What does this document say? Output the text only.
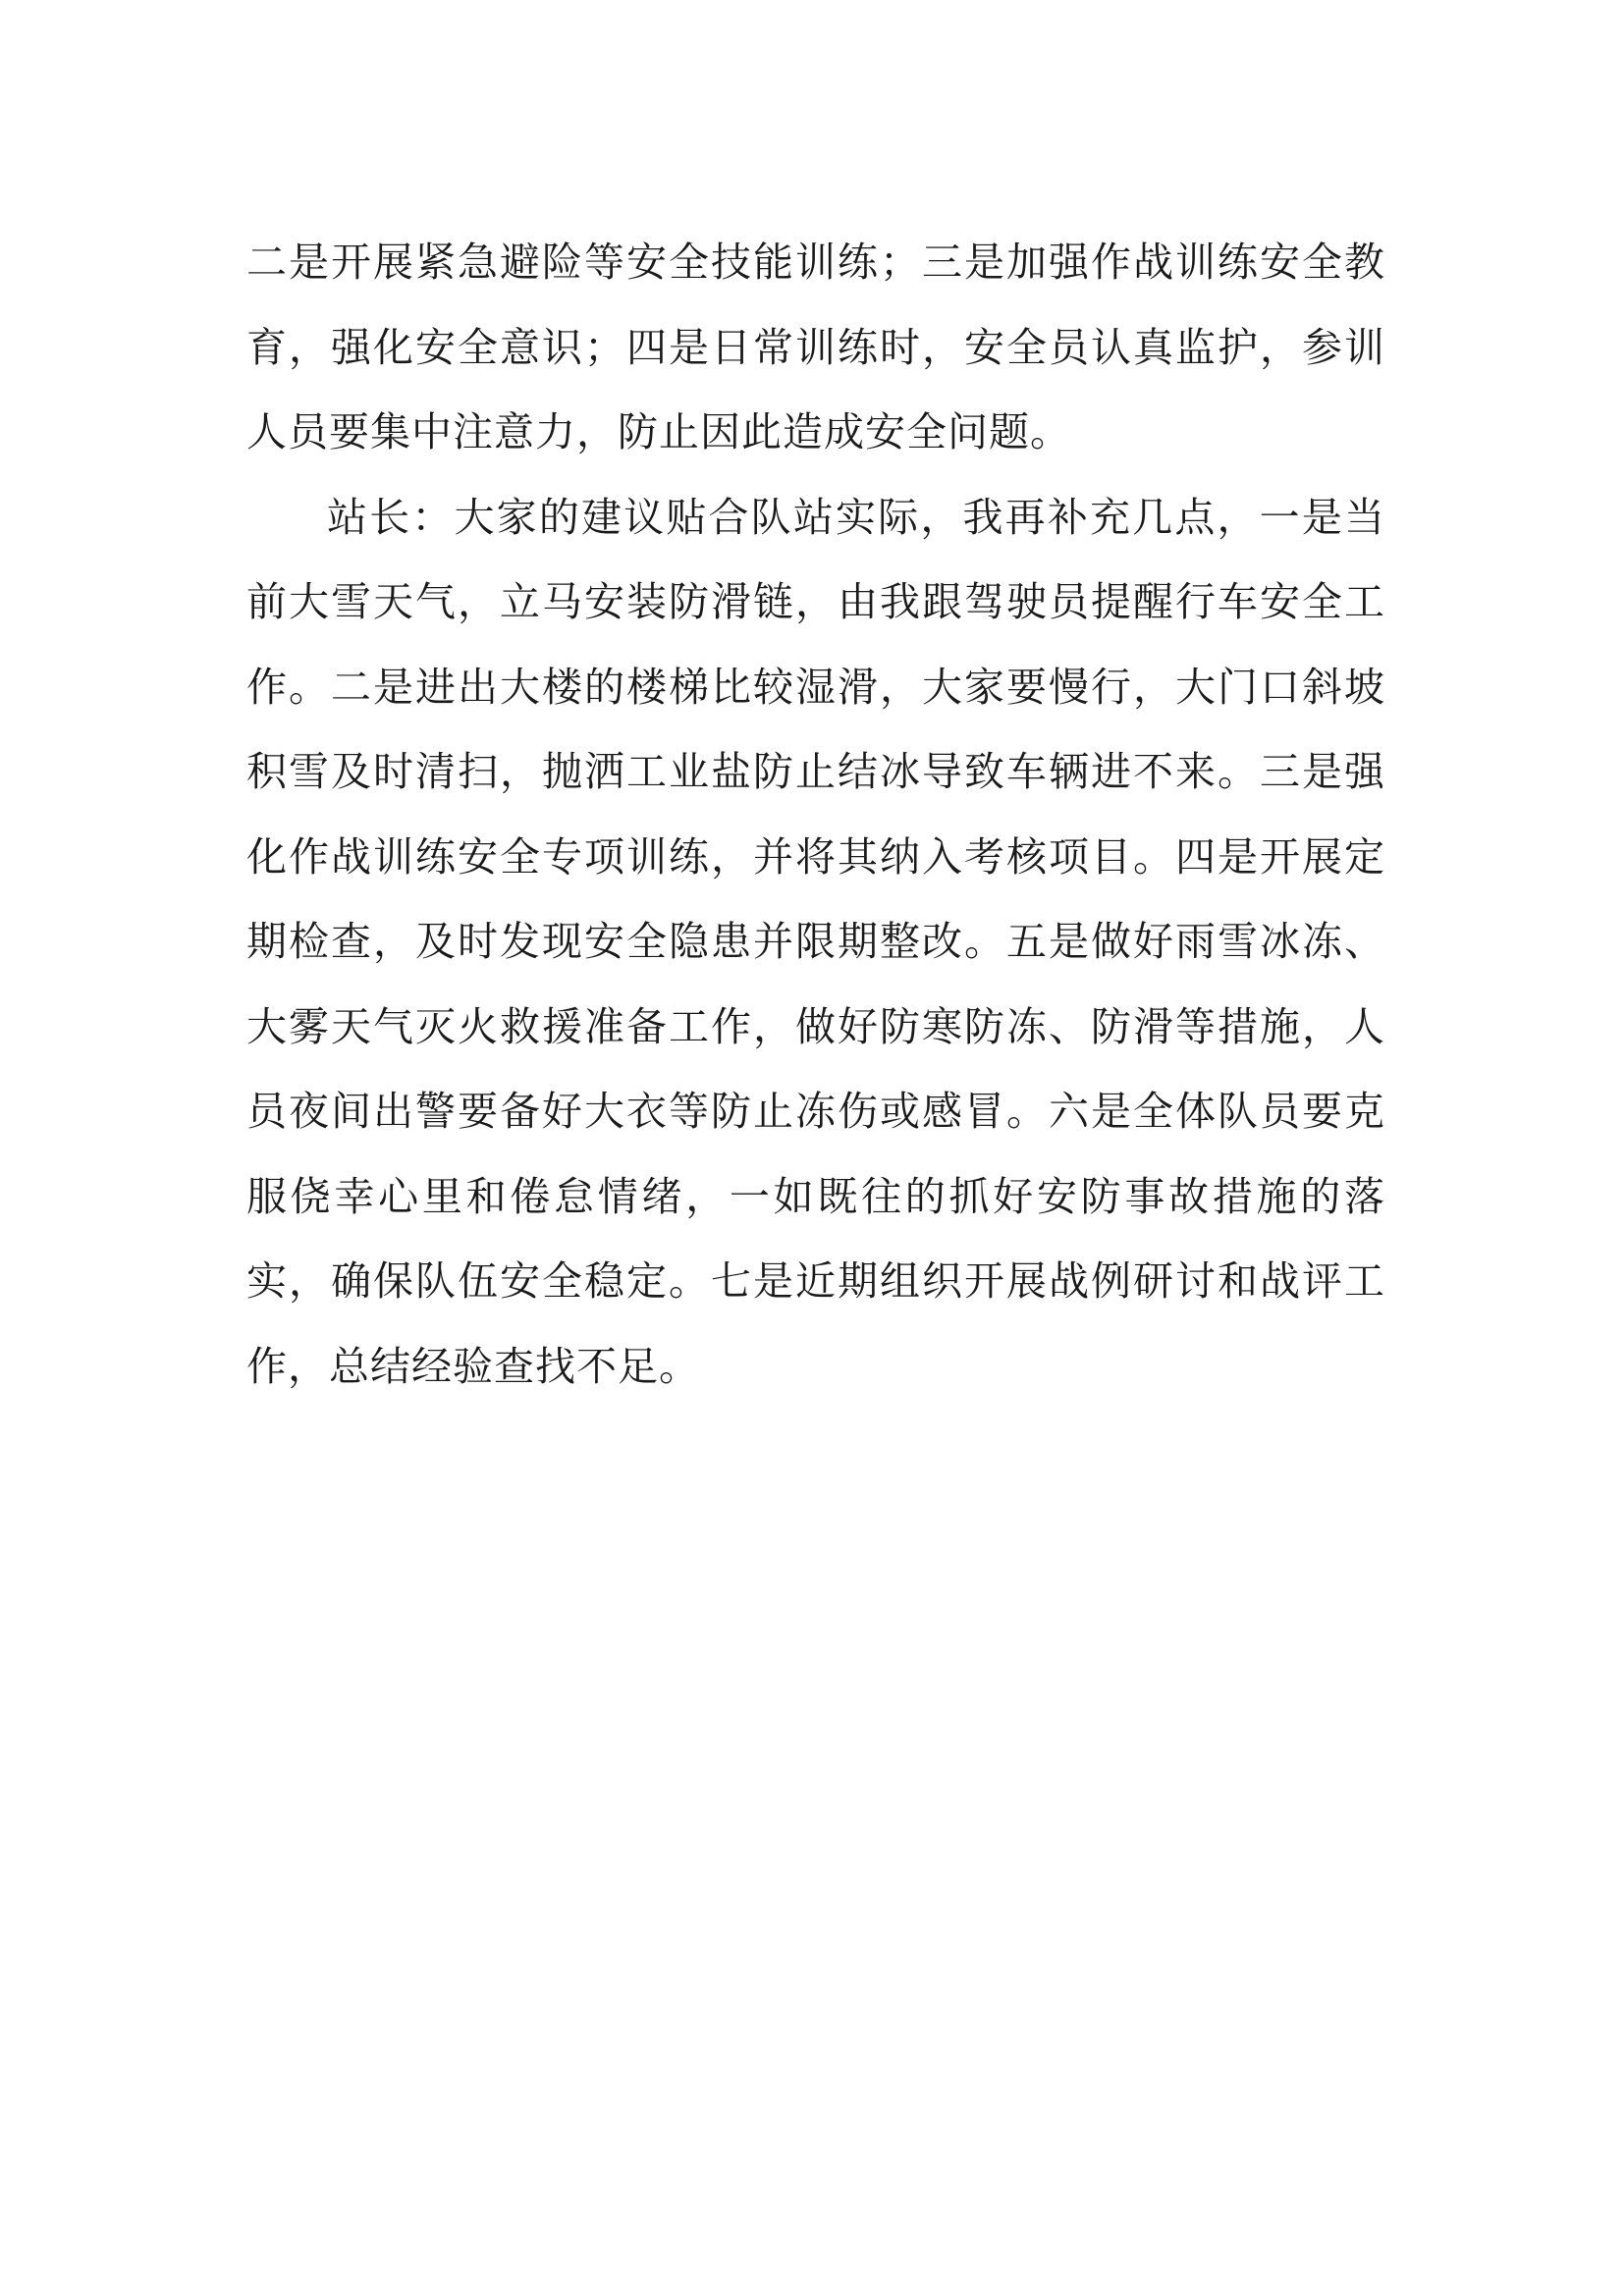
二是开展紧急避险等安全技能训练；三是加强作战训练安全教育，强化安全意识；四是日常训练时，安全员认真监护，参训人员要集中注意力，防止因此造成安全问题。

站长：大家的建议贴合队站实际，我再补充几点，一是当前大雪天气，立马安装防滑链，由我跟驾驶员提醒行车安全工作。二是进出大楼的楼梯比较湿滑，大家要慢行，大门口斜坡积雪及时清扫，抛洒工业盐防止结冰导致车辆进不来。三是强化作战训练安全专项训练，并将其纳入考核项目。四是开展定期检查，及时发现安全隐患并限期整改。五是做好雨雪冰冻、大雾天气灭火救援准备工作，做好防寒防冻、防滑等措施，人员夜间出警要备好大衣等防止冻伤或感冒。六是全体队员要克服侥幸心里和倦怠情绪，一如既往的抓好安防事故措施的落实，确保队伍安全稳定。七是近期组织开展战例研讨和战评工作，总结经验查找不足。
